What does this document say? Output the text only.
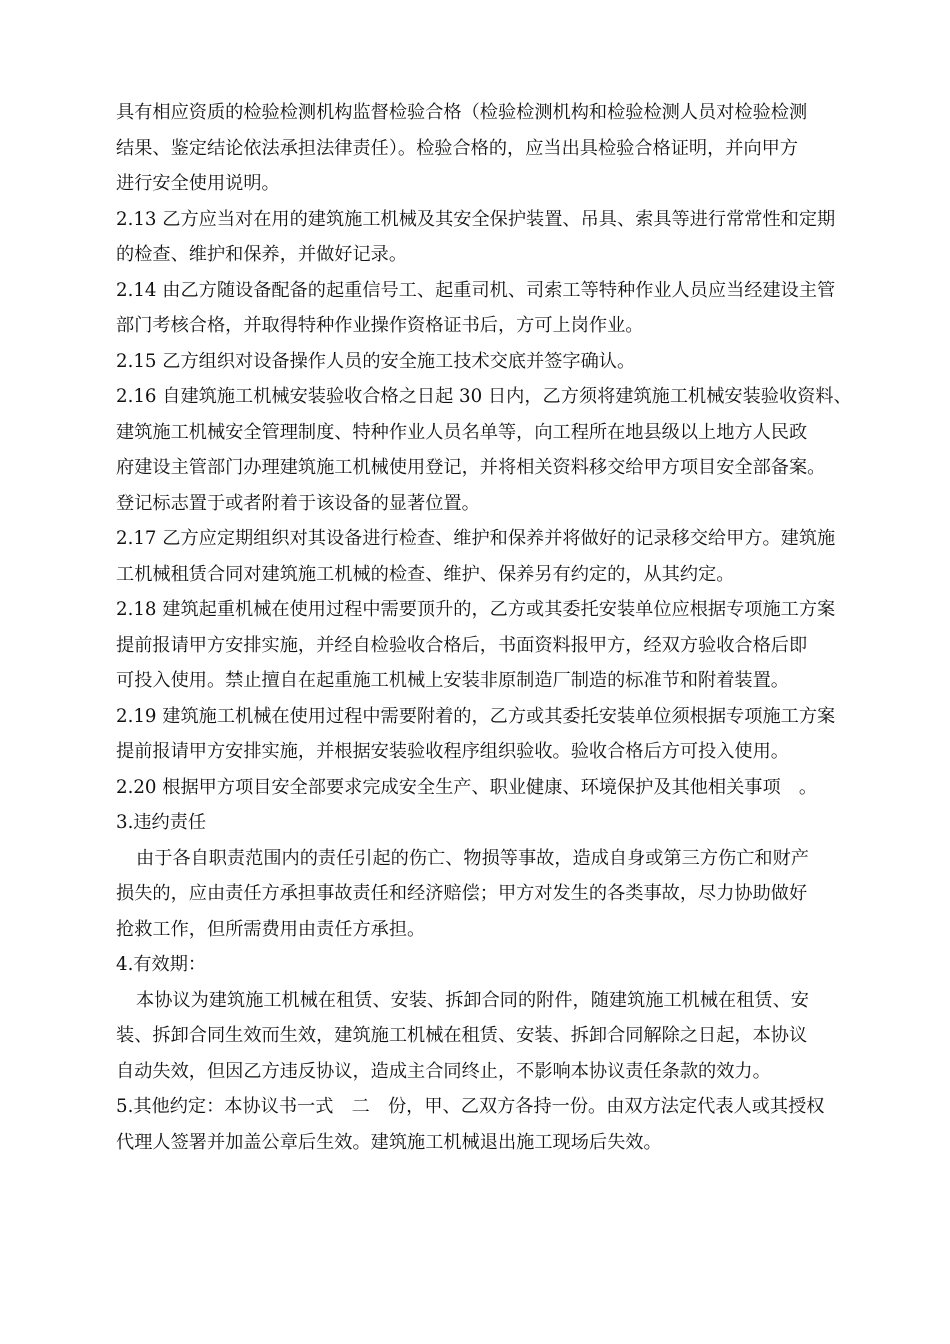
具有相应资质的检验检测机构监督检验合格（检验检测机构和检验检测人员对检验检测
结果、鉴定结论依法承担法律责任）。检验合格的，应当出具检验合格证明，并向甲方
进行安全使用说明。
2.13 乙方应当对在用的建筑施工机械及其安全保护装置、吊具、索具等进行常常性和定期
的检查、维护和保养，并做好记录。
2.14 由乙方随设备配备的起重信号工、起重司机、司索工等特种作业人员应当经建设主管
部门考核合格，并取得特种作业操作资格证书后，方可上岗作业。
2.15 乙方组织对设备操作人员的安全施工技术交底并签字确认。
2.16 自建筑施工机械安装验收合格之日起 30 日内，乙方须将建筑施工机械安装验收资料、
建筑施工机械安全管理制度、特种作业人员名单等，向工程所在地县级以上地方人民政
府建设主管部门办理建筑施工机械使用登记，并将相关资料移交给甲方项目安全部备案。
登记标志置于或者附着于该设备的显著位置。
2.17 乙方应定期组织对其设备进行检查、维护和保养并将做好的记录移交给甲方。建筑施
工机械租赁合同对建筑施工机械的检查、维护、保养另有约定的，从其约定。
2.18 建筑起重机械在使用过程中需要顶升的，乙方或其委托安装单位应根据专项施工方案
提前报请甲方安排实施，并经自检验收合格后，书面资料报甲方，经双方验收合格后即
可投入使用。禁止擅自在起重施工机械上安装非原制造厂制造的标准节和附着装置。
2.19 建筑施工机械在使用过程中需要附着的，乙方或其委托安装单位须根据专项施工方案
提前报请甲方安排实施，并根据安装验收程序组织验收。验收合格后方可投入使用。
2.20 根据甲方项目安全部要求完成安全生产、职业健康、环境保护及其他相关事项　。
3.违约责任
由于各自职责范围内的责任引起的伤亡、物损等事故，造成自身或第三方伤亡和财产
损失的，应由责任方承担事故责任和经济赔偿；甲方对发生的各类事故，尽力协助做好
抢救工作，但所需费用由责任方承担。
4.有效期：
本协议为建筑施工机械在租赁、安装、拆卸合同的附件，随建筑施工机械在租赁、安
装、拆卸合同生效而生效，建筑施工机械在租赁、安装、拆卸合同解除之日起，本协议
自动失效，但因乙方违反协议，造成主合同终止，不影响本协议责任条款的效力。
5.其他约定：本协议书一式　二　份，甲、乙双方各持一份。由双方法定代表人或其授权
代理人签署并加盖公章后生效。建筑施工机械退出施工现场后失效。
